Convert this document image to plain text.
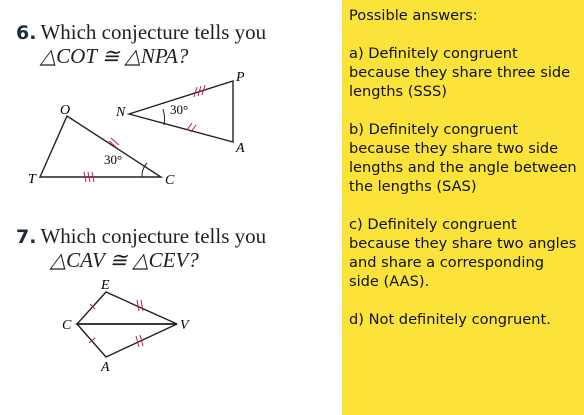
6. Which conjecture tells you
△COT ≅ △NPA?
O
T	C
N
P
A
30°
30°
7. Which conjecture tells you
△CAV ≅ △CEV?
E
C	V
A

Possible answers:

a) Definitely congruent because they share three side lengths (SSS)

b) Definitely congruent because they share two side lengths and the angle between the lengths (SAS)

c) Definitely congruent because they share two angles and share a corresponding side (AAS).

d) Not definitely congruent.
